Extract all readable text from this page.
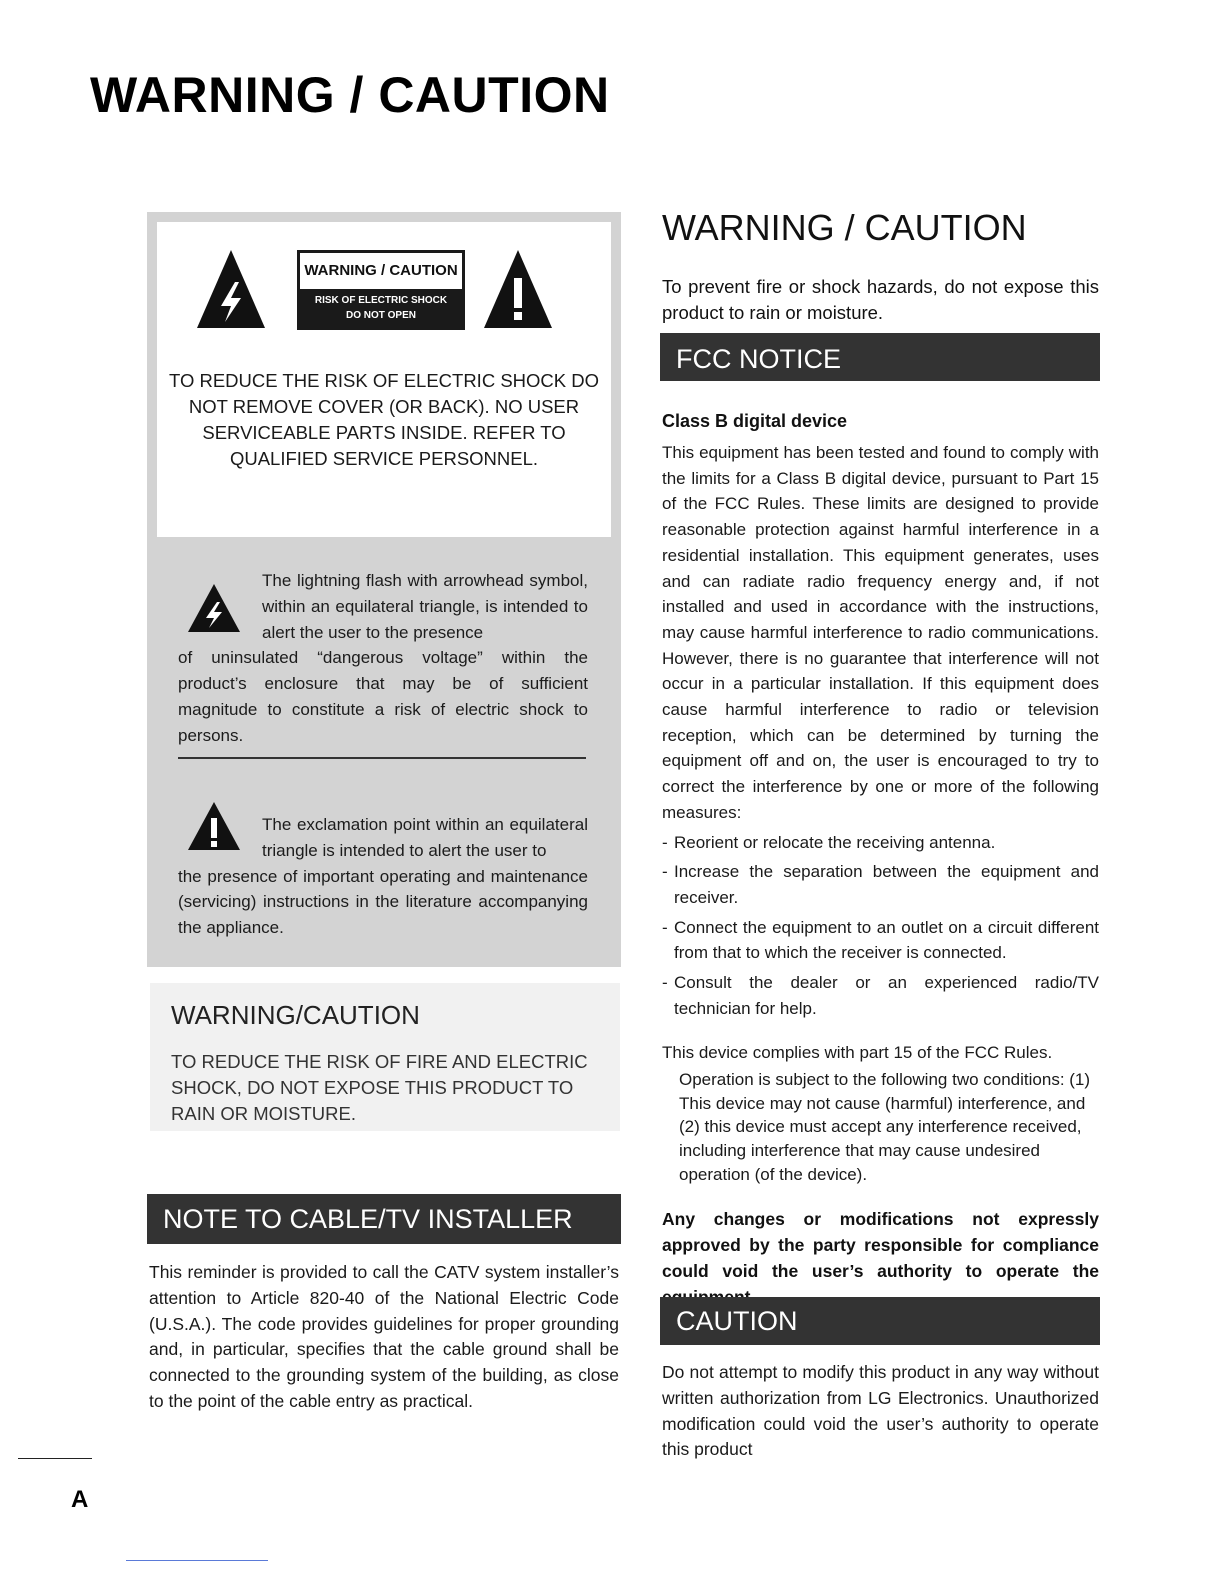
WARNING / CAUTION
WARNING / CAUTION
RISK OF ELECTRIC SHOCK
DO NOT OPEN
TO REDUCE THE RISK OF ELECTRIC SHOCK DO NOT REMOVE COVER (OR BACK). NO USER SERVICEABLE PARTS INSIDE. REFER TO QUALIFIED SERVICE PERSONNEL.
The lightning flash with arrowhead symbol, within an equilateral triangle, is intended to alert the user to the presence
of uninsulated “dangerous voltage” within the product’s enclosure that may be of sufficient magnitude to constitute a risk of electric shock to persons.
The exclamation point within an equilateral triangle is intended to alert the user to
the presence of important operating and maintenance (servicing) instructions in the literature accompanying the appliance.
WARNING/CAUTION
TO REDUCE THE RISK OF FIRE AND ELECTRIC SHOCK, DO NOT EXPOSE THIS PRODUCT TO RAIN OR MOISTURE.
NOTE TO CABLE/TV INSTALLER
This reminder is provided to call the CATV system installer’s attention to Article 820-40 of the National Electric Code (U.S.A.). The code provides guidelines for proper grounding and, in particular, specifies that the cable ground shall be connected to the grounding system of the building, as close to the point of the cable entry as practical.
WARNING / CAUTION
To prevent fire or shock hazards, do not expose this product to rain or moisture.
FCC NOTICE
Class B digital device
This equipment has been tested and found to comply with the limits for a Class B digital device, pursuant to Part 15 of the FCC Rules. These limits are designed to provide reasonable protection against harmful interference in a residential installation. This equipment generates, uses and can radiate radio frequency energy and, if not installed and used in accordance with the instructions, may cause harmful interference to radio communications. However, there is no guarantee that interference will not occur in a particular installation. If this equipment does cause harmful interference to radio or television reception, which can be determined by turning the equipment off and on, the user is encouraged to try to correct the interference by one or more of the following measures:
- Reorient or relocate the receiving antenna.
- Increase the separation between the equipment and receiver.
- Connect the equipment to an outlet on a circuit different from that to which the receiver is connected.
- Consult the dealer or an experienced radio/TV technician for help.
This device complies with part 15 of the FCC Rules.
Operation is subject to the following two conditions: (1) This device may not cause (harmful) interference, and (2) this device must accept any interference received, including interference that may cause undesired operation (of the device).
Any changes or modifications not expressly approved by the party responsible for compliance could void the user’s authority to operate the
CAUTION
Do not attempt to modify this product in any way without written authorization from LG Electronics. Unauthorized modification could void the user’s authority to operate this product
A
